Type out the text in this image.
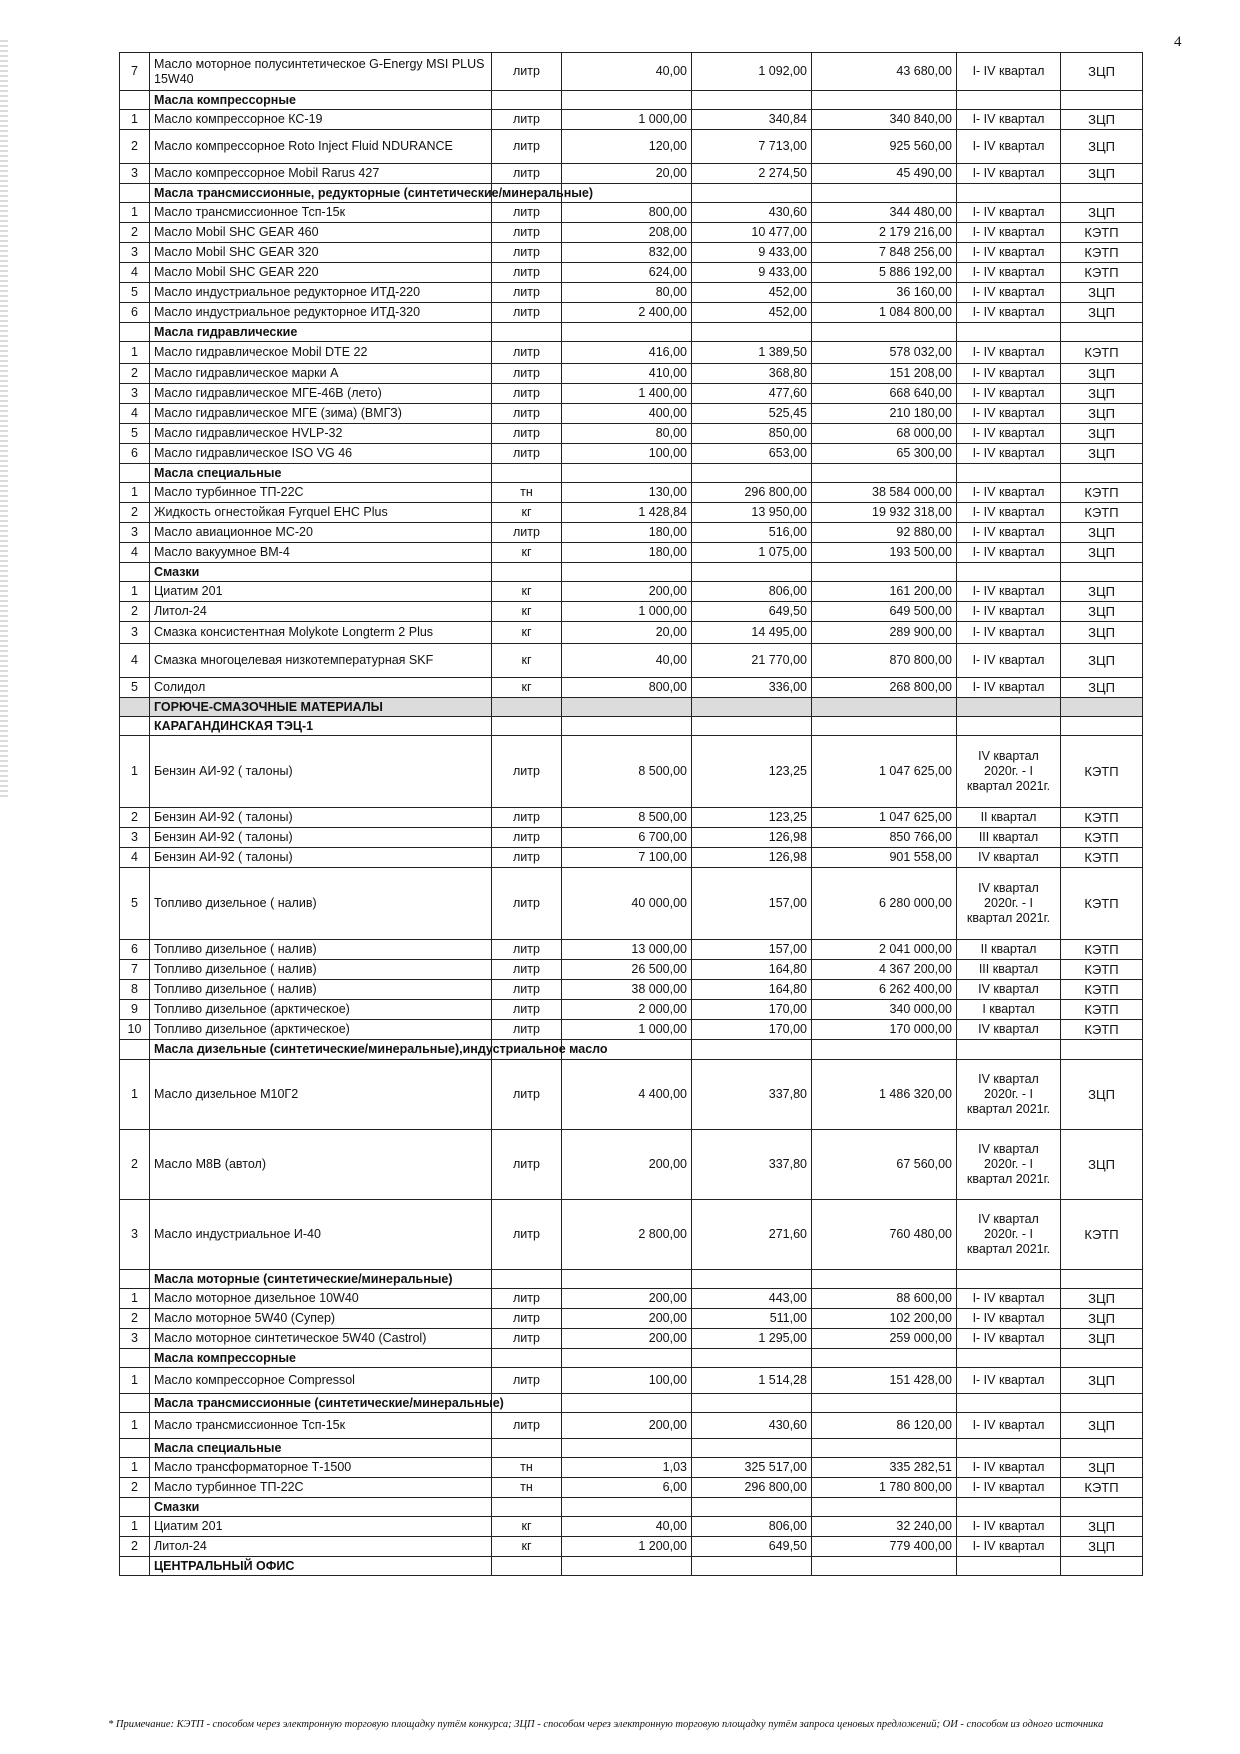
4
7	Масло моторное полусинтетическое G-Energy MSI PLUS 15W40	литр	40,00	1 092,00	43 680,00	I- IV квартал	ЗЦП
	Масла компрессорные						
1	Масло компрессорное КС-19	литр	1 000,00	340,84	340 840,00	I- IV квартал	ЗЦП
2	Масло компрессорное Roto Inject Fluid NDURANCE	литр	120,00	7 713,00	925 560,00	I- IV квартал	ЗЦП
3	Масло компрессорное Mobil Rarus 427	литр	20,00	2 274,50	45 490,00	I- IV квартал	ЗЦП
	Масла трансмиссионные, редукторные (синтетические/минеральные)						
1	Масло трансмиссионное Тсп-15к	литр	800,00	430,60	344 480,00	I- IV квартал	ЗЦП
2	Масло Mobil SHC GEAR 460	литр	208,00	10 477,00	2 179 216,00	I- IV квартал	КЭТП
3	Масло Mobil SHC GEAR 320	литр	832,00	9 433,00	7 848 256,00	I- IV квартал	КЭТП
4	Масло Mobil SHC GEAR 220	литр	624,00	9 433,00	5 886 192,00	I- IV квартал	КЭТП
5	Масло индустриальное редукторное ИТД-220	литр	80,00	452,00	36 160,00	I- IV квартал	ЗЦП
6	Масло индустриальное редукторное ИТД-320	литр	2 400,00	452,00	1 084 800,00	I- IV квартал	ЗЦП
	Масла гидравлические						
1	Масло гидравлическое Mobil DTE 22	литр	416,00	1 389,50	578 032,00	I- IV квартал	КЭТП
2	Масло гидравлическое марки А	литр	410,00	368,80	151 208,00	I- IV квартал	ЗЦП
3	Масло гидравлическое МГЕ-46В (лето)	литр	1 400,00	477,60	668 640,00	I- IV квартал	ЗЦП
4	Масло гидравлическое МГЕ (зима) (ВМГЗ)	литр	400,00	525,45	210 180,00	I- IV квартал	ЗЦП
5	Масло гидравлическое HVLP-32	литр	80,00	850,00	68 000,00	I- IV квартал	ЗЦП
6	Масло гидравлическое ISO VG 46	литр	100,00	653,00	65 300,00	I- IV квартал	ЗЦП
	Масла специальные						
1	Масло турбинное ТП-22С	тн	130,00	296 800,00	38 584 000,00	I- IV квартал	КЭТП
2	Жидкость огнестойкая Fyrquel EHC Plus	кг	1 428,84	13 950,00	19 932 318,00	I- IV квартал	КЭТП
3	Масло авиационное МС-20	литр	180,00	516,00	92 880,00	I- IV квартал	ЗЦП
4	Масло вакуумное ВМ-4	кг	180,00	1 075,00	193 500,00	I- IV квартал	ЗЦП
	Смазки						
1	Циатим 201	кг	200,00	806,00	161 200,00	I- IV квартал	ЗЦП
2	Литол-24	кг	1 000,00	649,50	649 500,00	I- IV квартал	ЗЦП
3	Смазка консистентная Molykote Longterm 2 Plus	кг	20,00	14 495,00	289 900,00	I- IV квартал	ЗЦП
4	Смазка многоцелевая низкотемпературная SKF	кг	40,00	21 770,00	870 800,00	I- IV квартал	ЗЦП
5	Солидол	кг	800,00	336,00	268 800,00	I- IV квартал	ЗЦП
	ГОРЮЧЕ-СМАЗОЧНЫЕ МАТЕРИАЛЫ						
	КАРАГАНДИНСКАЯ ТЭЦ-1						
1	Бензин АИ-92 ( талоны)	литр	8 500,00	123,25	1 047 625,00	IV квартал 2020г. - I квартал 2021г.	КЭТП
2	Бензин АИ-92 ( талоны)	литр	8 500,00	123,25	1 047 625,00	II квартал	КЭТП
3	Бензин АИ-92 ( талоны)	литр	6 700,00	126,98	850 766,00	III квартал	КЭТП
4	Бензин АИ-92 ( талоны)	литр	7 100,00	126,98	901 558,00	IV квартал	КЭТП
5	Топливо дизельное ( налив)	литр	40 000,00	157,00	6 280 000,00	IV квартал 2020г. - I квартал 2021г.	КЭТП
6	Топливо дизельное ( налив)	литр	13 000,00	157,00	2 041 000,00	II квартал	КЭТП
7	Топливо дизельное ( налив)	литр	26 500,00	164,80	4 367 200,00	III квартал	КЭТП
8	Топливо дизельное ( налив)	литр	38 000,00	164,80	6 262 400,00	IV квартал	КЭТП
9	Топливо дизельное (арктическое)	литр	2 000,00	170,00	340 000,00	I квартал	КЭТП
10	Топливо дизельное (арктическое)	литр	1 000,00	170,00	170 000,00	IV квартал	КЭТП
	Масла дизельные (синтетические/минеральные),индустриальное масло						
1	Масло дизельное М10Г2	литр	4 400,00	337,80	1 486 320,00	IV квартал 2020г. - I квартал 2021г.	ЗЦП
2	Масло М8В (автол)	литр	200,00	337,80	67 560,00	IV квартал 2020г. - I квартал 2021г.	ЗЦП
3	Масло индустриальное И-40	литр	2 800,00	271,60	760 480,00	IV квартал 2020г. - I квартал 2021г.	КЭТП
	Масла моторные (синтетические/минеральные)						
1	Масло моторное дизельное 10W40	литр	200,00	443,00	88 600,00	I- IV квартал	ЗЦП
2	Масло моторное 5W40 (Супер)	литр	200,00	511,00	102 200,00	I- IV квартал	ЗЦП
3	Масло моторное синтетическое 5W40 (Castrol)	литр	200,00	1 295,00	259 000,00	I- IV квартал	ЗЦП
	Масла компрессорные						
1	Масло компрессорное Compressol	литр	100,00	1 514,28	151 428,00	I- IV квартал	ЗЦП
	Масла трансмиссионные (синтетические/минеральные)						
1	Масло трансмиссионное Тсп-15к	литр	200,00	430,60	86 120,00	I- IV квартал	ЗЦП
	Масла специальные						
1	Масло трансформаторное Т-1500	тн	1,03	325 517,00	335 282,51	I- IV квартал	ЗЦП
2	Масло турбинное ТП-22С	тн	6,00	296 800,00	1 780 800,00	I- IV квартал	КЭТП
	Смазки						
1	Циатим 201	кг	40,00	806,00	32 240,00	I- IV квартал	ЗЦП
2	Литол-24	кг	1 200,00	649,50	779 400,00	I- IV квартал	ЗЦП
	ЦЕНТРАЛЬНЫЙ ОФИС						
* Примечание: КЭТП - способом через электронную торговую площадку путём конкурса; ЗЦП - способом через электронную торговую площадку путём запроса ценовых предложений; ОИ - способом из одного источника
